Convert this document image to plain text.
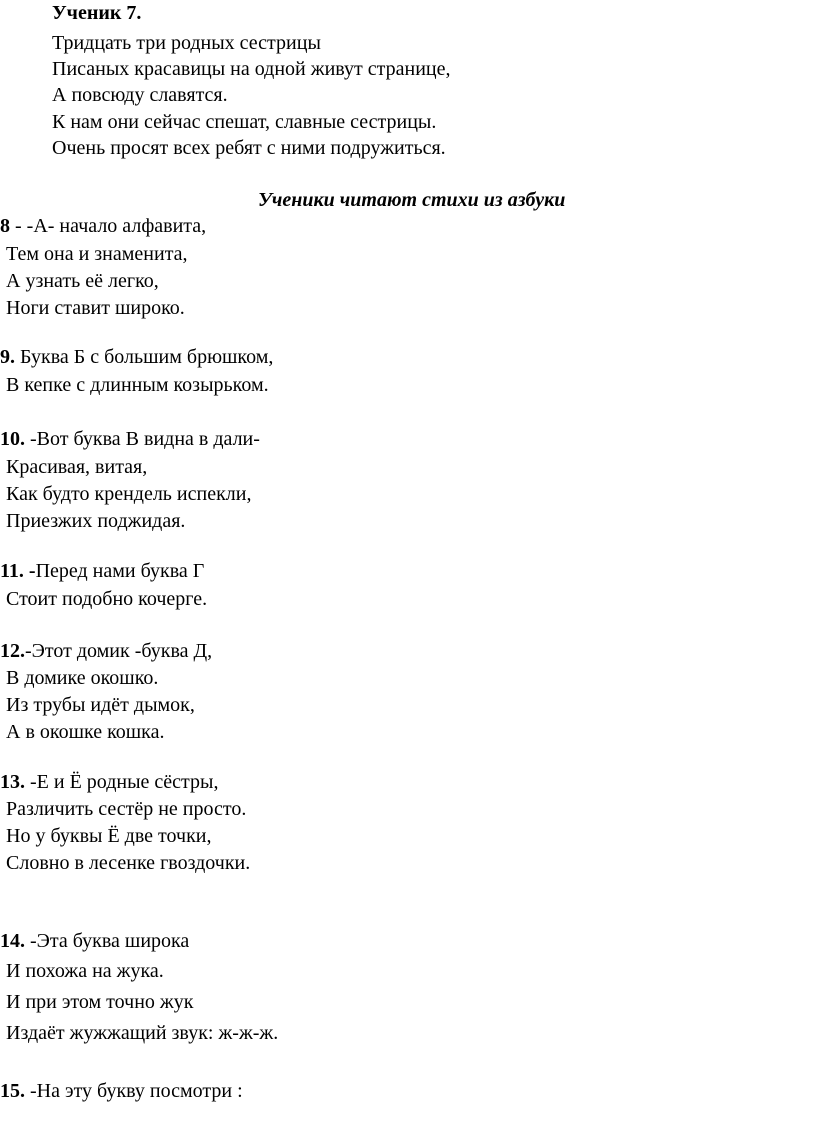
Ученик 7.
Тридцать три родных сестрицы
Писаных красавицы на одной живут странице,
А повсюду славятся.
К нам они сейчас спешат, славные сестрицы.
Очень просят всех ребят с ними подружиться.
Ученики читают стихи из азбуки
8 - -А- начало алфавита,
Тем она и знаменита,
А узнать её легко,
Ноги ставит широко.
9. Буква Б с большим брюшком,
В кепке с длинным козырьком.
10. -Вот буква В видна в дали-
Красивая, витая,
Как будто крендель испекли,
Приезжих поджидая.
11. -Перед нами буква Г
Стоит подобно кочерге.
12.-Этот домик -буква Д,
В домике окошко.
Из трубы идёт дымок,
А в окошке кошка.
13. -Е и Ё родные сёстры,
Различить сестёр не просто.
Но у буквы Ё две точки,
Словно в лесенке гвоздочки.
14. -Эта буква широка
И похожа на жука.
И при этом точно жук
Издаёт жужжащий звук: ж-ж-ж.
15. -На эту букву посмотри :
